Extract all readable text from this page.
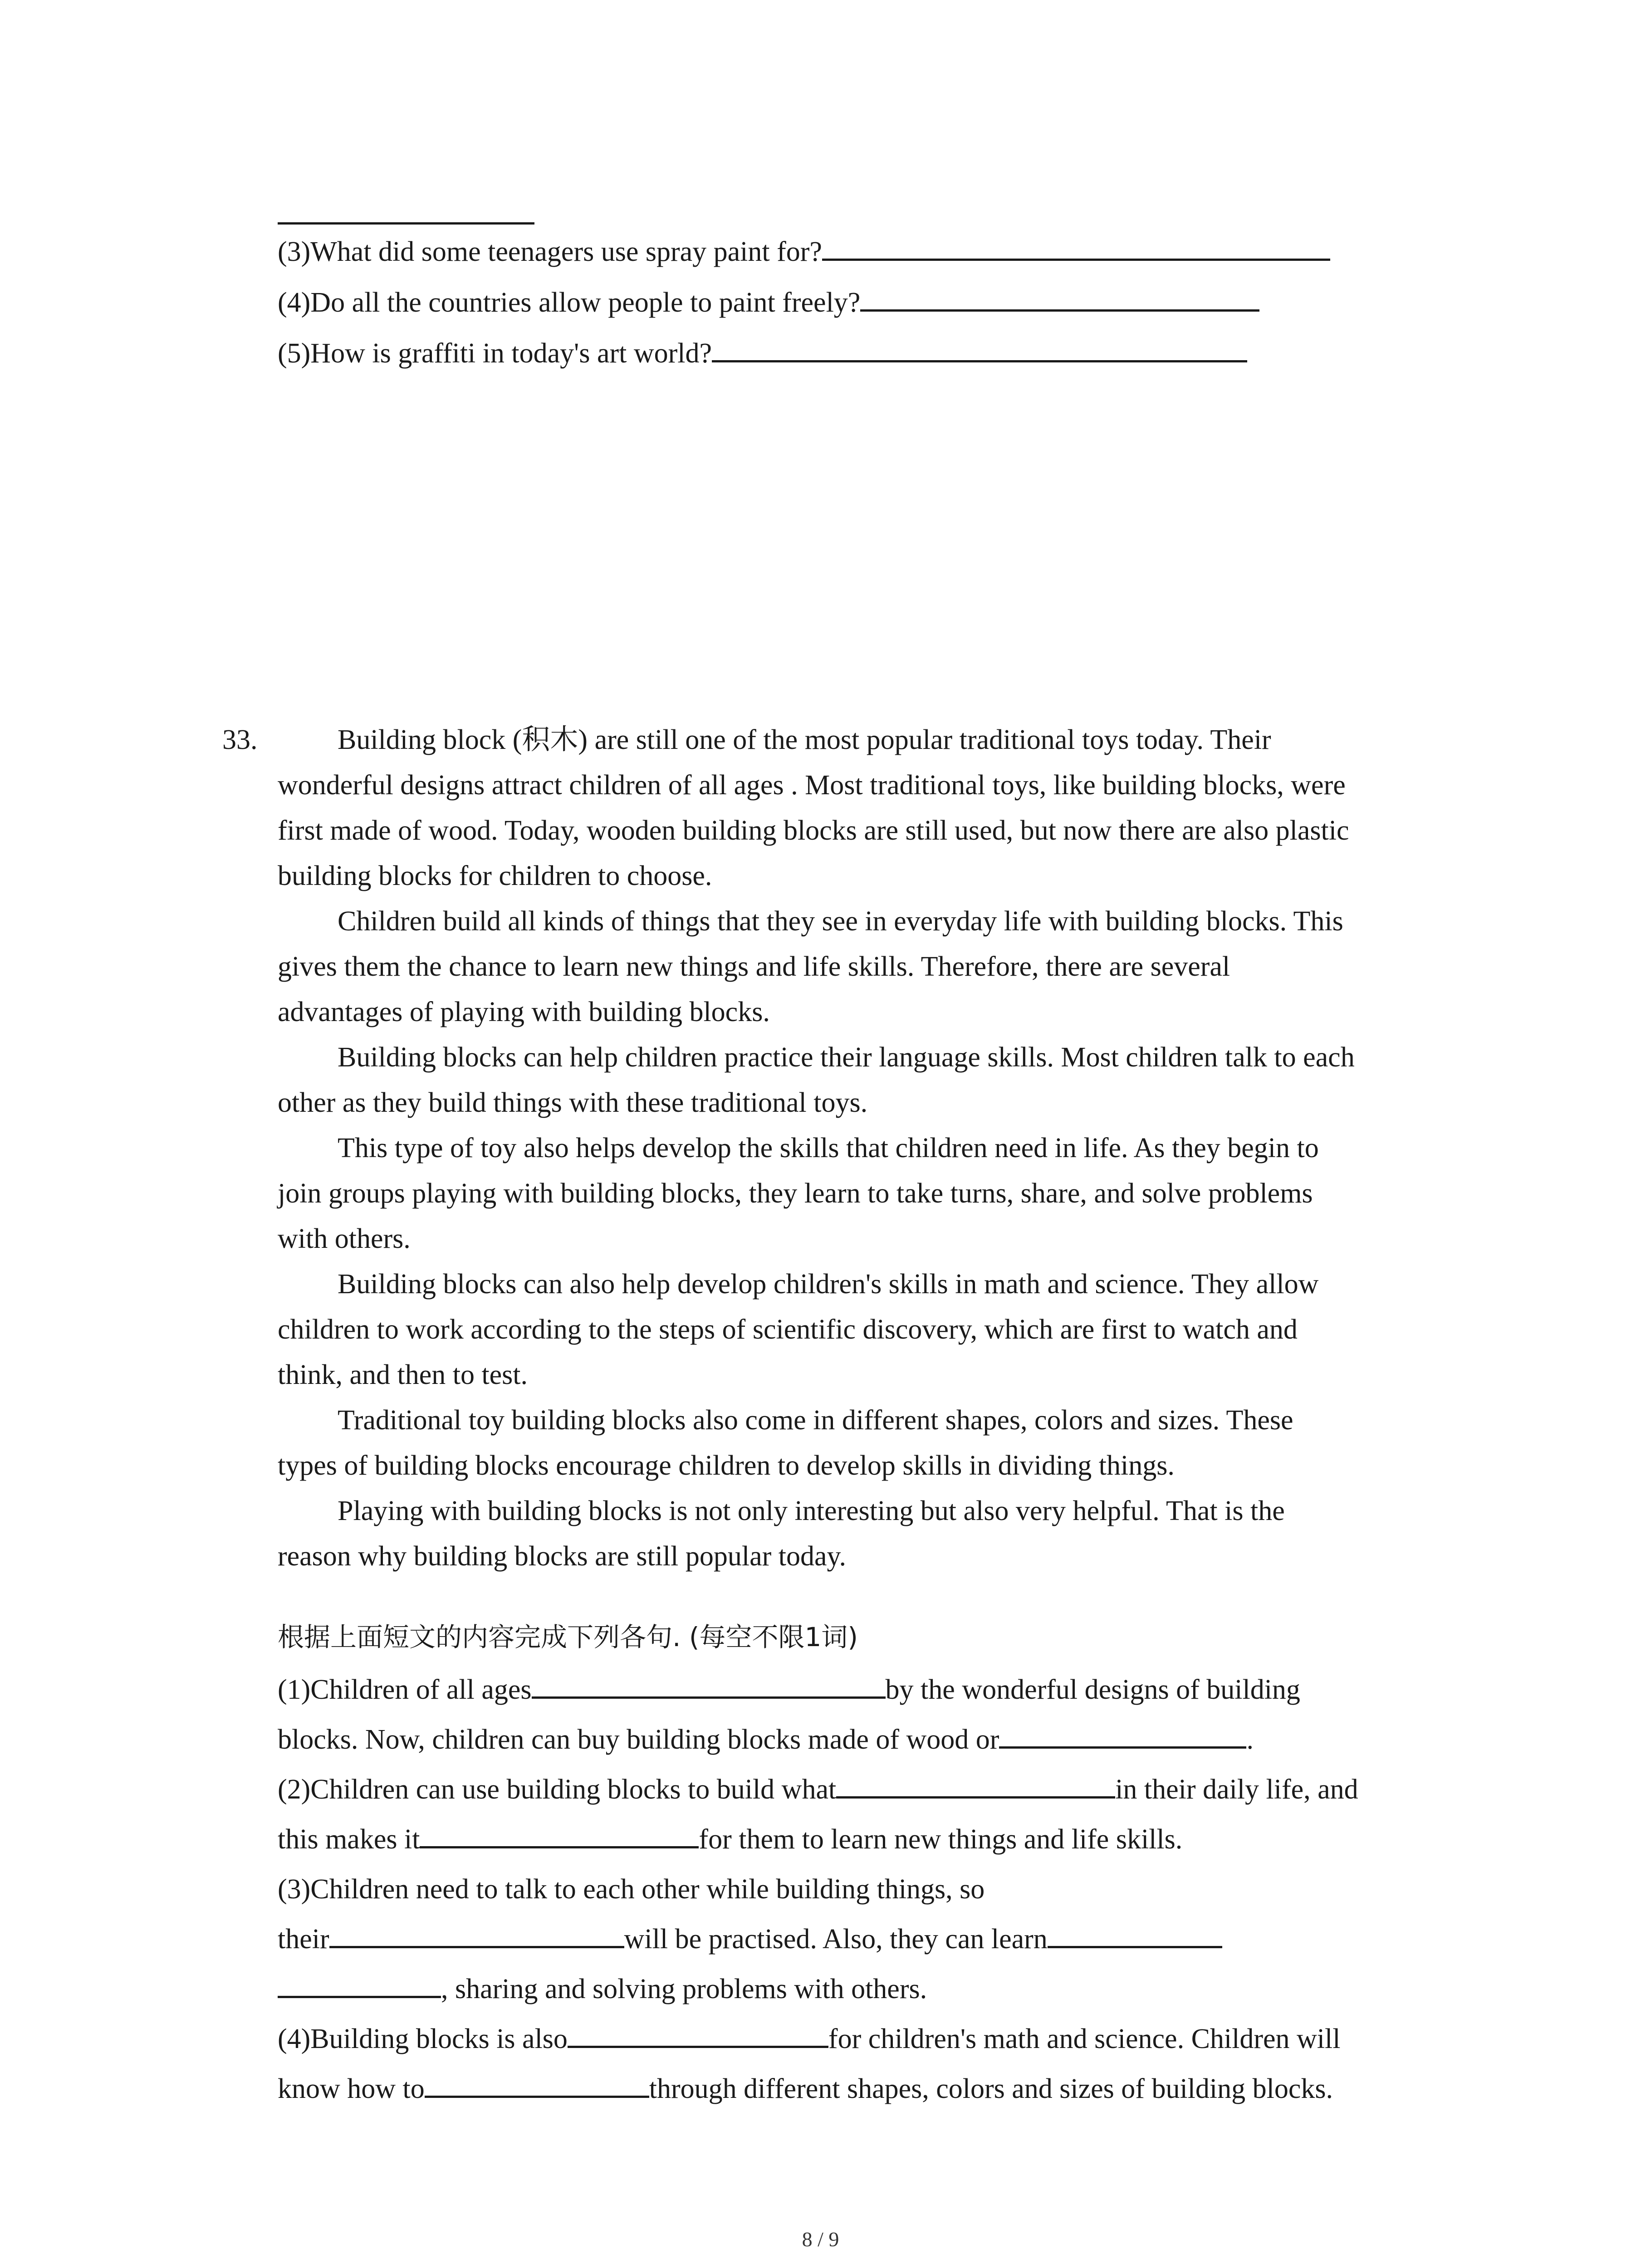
(3)What did some teenagers use spray paint for?
(4)Do all the countries allow people to paint freely?
(5)How is graffiti in today's art world?
33.	Building block (积木) are still one of the most popular traditional toys today. Their
wonderful designs attract children of all ages . Most traditional toys, like building blocks, were
first made of wood. Today, wooden building blocks are still used, but now there are also plastic
building blocks for children to choose.
Children build all kinds of things that they see in everyday life with building blocks. This
gives them the chance to learn new things and life skills. Therefore, there are several
advantages of playing with building blocks.
Building blocks can help children practice their language skills. Most children talk to each
other as they build things with these traditional toys.
This type of toy also helps develop the skills that children need in life. As they begin to
join groups playing with building blocks, they learn to take turns, share, and solve problems
with others.
Building blocks can also help develop children's skills in math and science. They allow
children to work according to the steps of scientific discovery, which are first to watch and
think, and then to test.
Traditional toy building blocks also come in different shapes, colors and sizes. These
types of building blocks encourage children to develop skills in dividing things.
Playing with building blocks is not only interesting but also very helpful. That is the
reason why building blocks are still popular today.
根据上面短文的内容完成下列各句. (每空不限1词)
(1)Children of all ages	by the wonderful designs of building
blocks. Now, children can buy building blocks made of wood or	.
(2)Children can use building blocks to build what	in their daily life, and
this makes it	for them to learn new things and life skills.
(3)Children need to talk to each other while building things, so
their	will be practised. Also, they can learn
, sharing and solving problems with others.
(4)Building blocks is also	for children's math and science. Children will
know how to	through different shapes, colors and sizes of building blocks.
8 / 9
